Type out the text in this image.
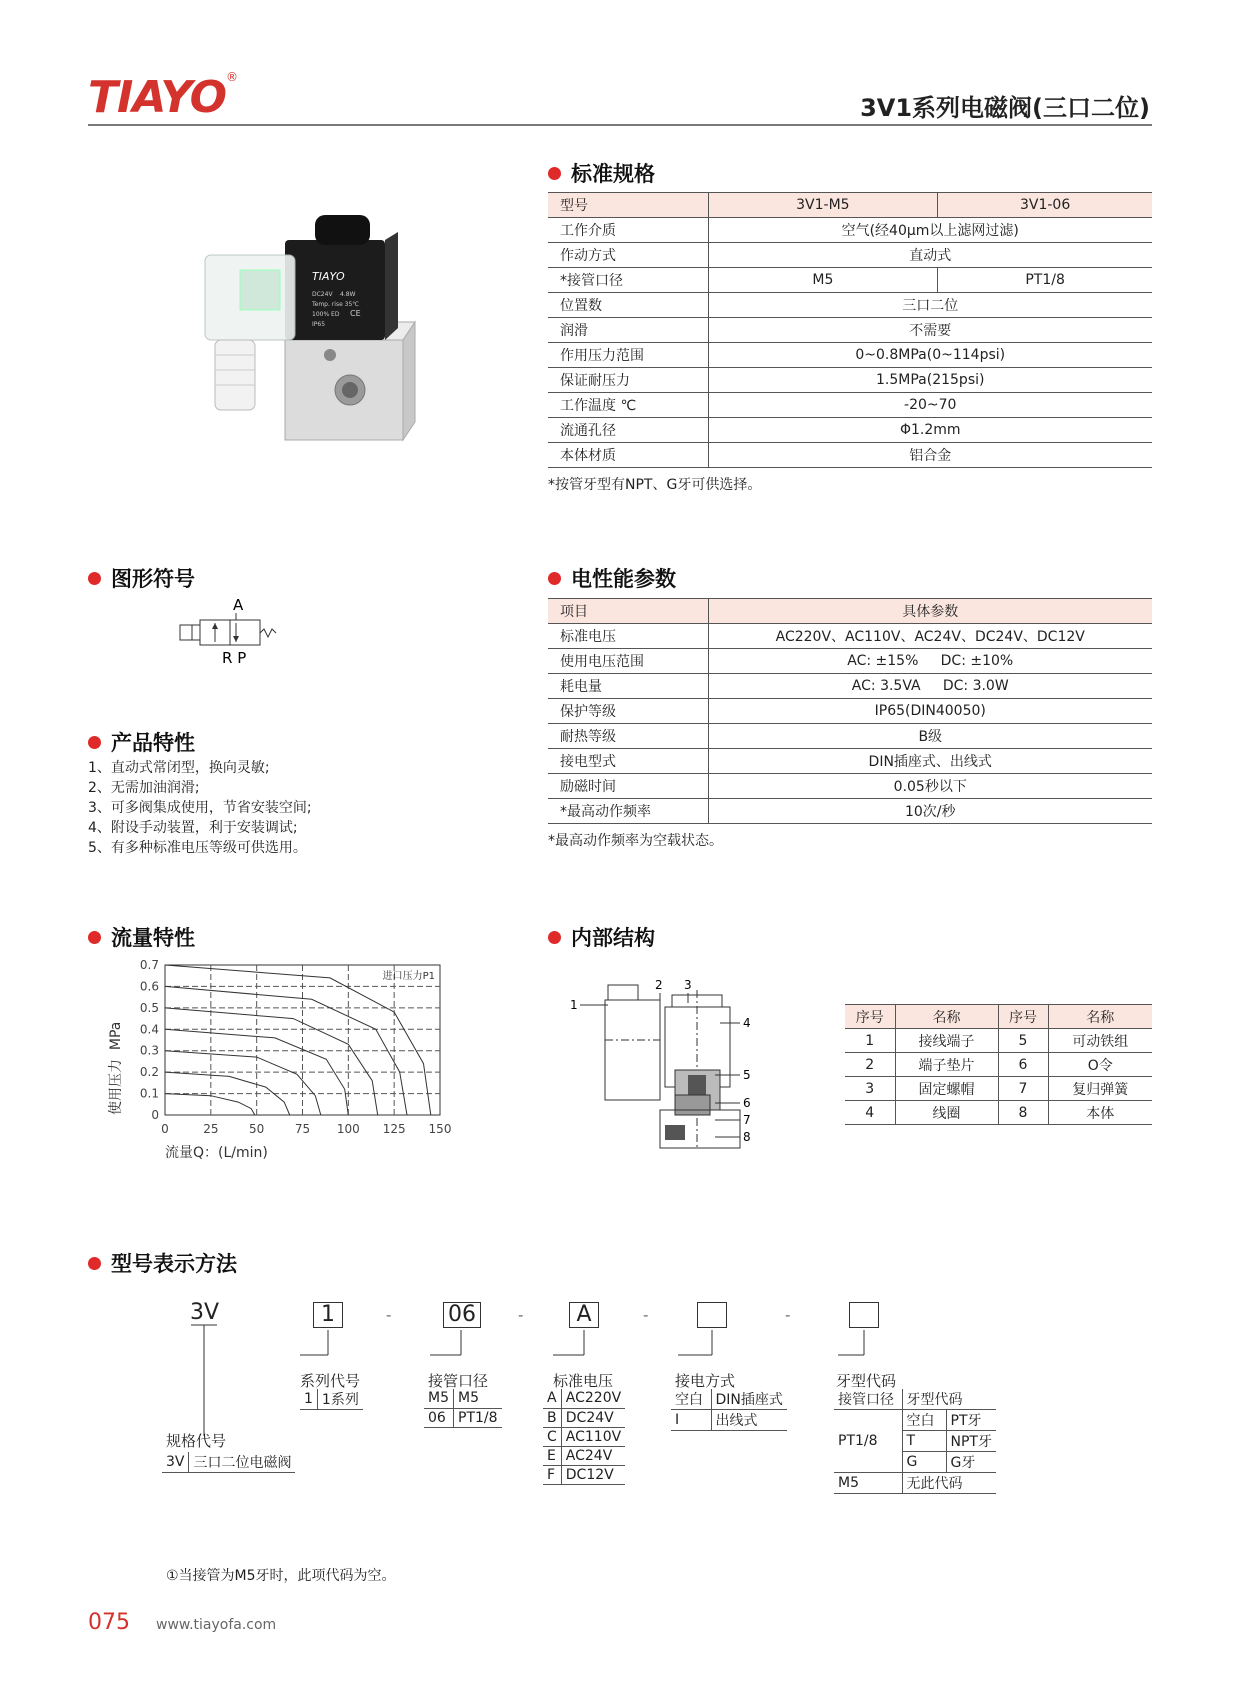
TIAYO ®
3V1系列电磁阀(三口二位)
TIAYO
DC24V 4.8W
Temp. rise 35℃
100% ED
IP65
CE
标准规格
型号	3V1-M5	3V1-06
工作介质	空气(经40μm以上滤网过滤)	
作动方式	直动式	
*接管口径	M5	PT1/8
位置数	三口二位	
润滑	不需要	
作用压力范围	0~0.8MPa(0~114psi)	
保证耐压力	1.5MPa(215psi)	
工作温度 ℃	-20~70	
流通孔径	Φ1.2mm	
本体材质	铝合金	
*按管牙型有NPT、G牙可供选择。
图形符号
A
R P
电性能参数
项目	具体参数
标准电压	AC220V、AC110V、AC24V、DC24V、DC12V
使用电压范围	AC: ±15%     DC: ±10%
耗电量	AC: 3.5VA     DC: 3.0W
保护等级	IP65(DIN40050)
耐热等级	B级
接电型式	DIN插座式、出线式
励磁时间	0.05秒以下
*最高动作频率	10次/秒
*最高动作频率为空载状态。
产品特性
1、直动式常闭型，换向灵敏;
2、无需加油润滑;
3、可多阀集成使用，节省安装空间;
4、附设手动装置，利于安装调试;
5、有多种标准电压等级可供选用。
流量特性
0
0.1
0.2
0.3
0.4
0.5
0.6
0.7
0	25	50	75 100 125 150
进口压力P1
流量Q：(L/min)
使用压力  MPa
内部结构
1
2 3
4
5
6
7
8
序号	名称	序号	名称
1	接线端子	5	可动铁组
2	端子垫片	6	O令
3	固定螺帽	7	复归弹簧
4	线圈	8	本体
型号表示方法
3V	1	-	06	-	A	-	-
系列代号
1	1系列
接管口径
M5	M5
06	PT1/8
标准电压
A	AC220V
B	DC24V
C	AC110V
E	AC24V
F	DC12V
接电方式
空白	DIN插座式
I	出线式
牙型代码
接管口径	牙型代码	
PT1/8	空白	PT牙
	T	NPT牙
	G	G牙
M5	无此代码	
规格代号
3V	三口二位电磁阀
①当接管为M5牙时，此项代码为空。
075 www.tiayofa.com
